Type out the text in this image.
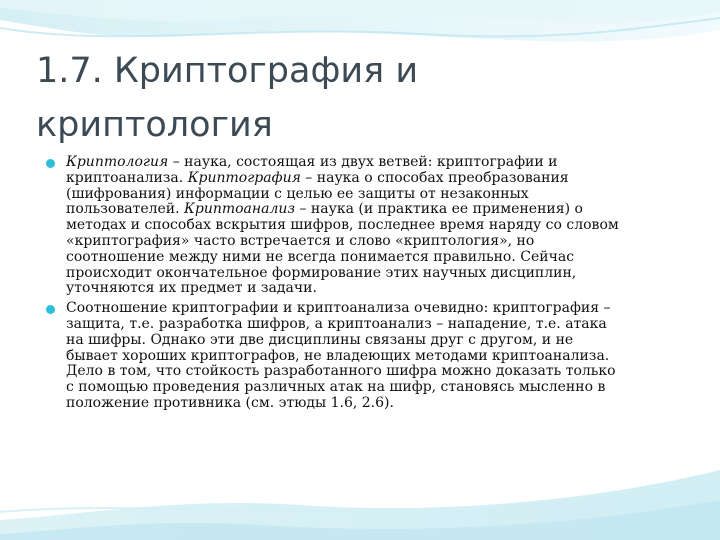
1.7. Криптография и
криптология
Криптология – наука, состоящая из двух ветвей: криптографии и
криптоанализа. Криптография – наука о способах преобразования
(шифрования) информации с целью ее защиты от незаконных
пользователей. Криптоанализ – наука (и практика ее применения) о
методах и способах вскрытия шифров, последнее время наряду со словом
«криптография» часто встречается и слово «криптология», но
соотношение между ними не всегда понимается правильно. Сейчас
происходит окончательное формирование этих научных дисциплин,
уточняются их предмет и задачи.
Соотношение криптографии и криптоанализа очевидно: криптография –
защита, т.е. разработка шифров, а криптоанализ – нападение, т.е. атака
на шифры. Однако эти две дисциплины связаны друг с другом, и не
бывает хороших криптографов, не владеющих методами криптоанализа.
Дело в том, что стойкость разработанного шифра можно доказать только
с помощью проведения различных атак на шифр, становясь мысленно в
положение противника (см. этюды 1.6, 2.6).
